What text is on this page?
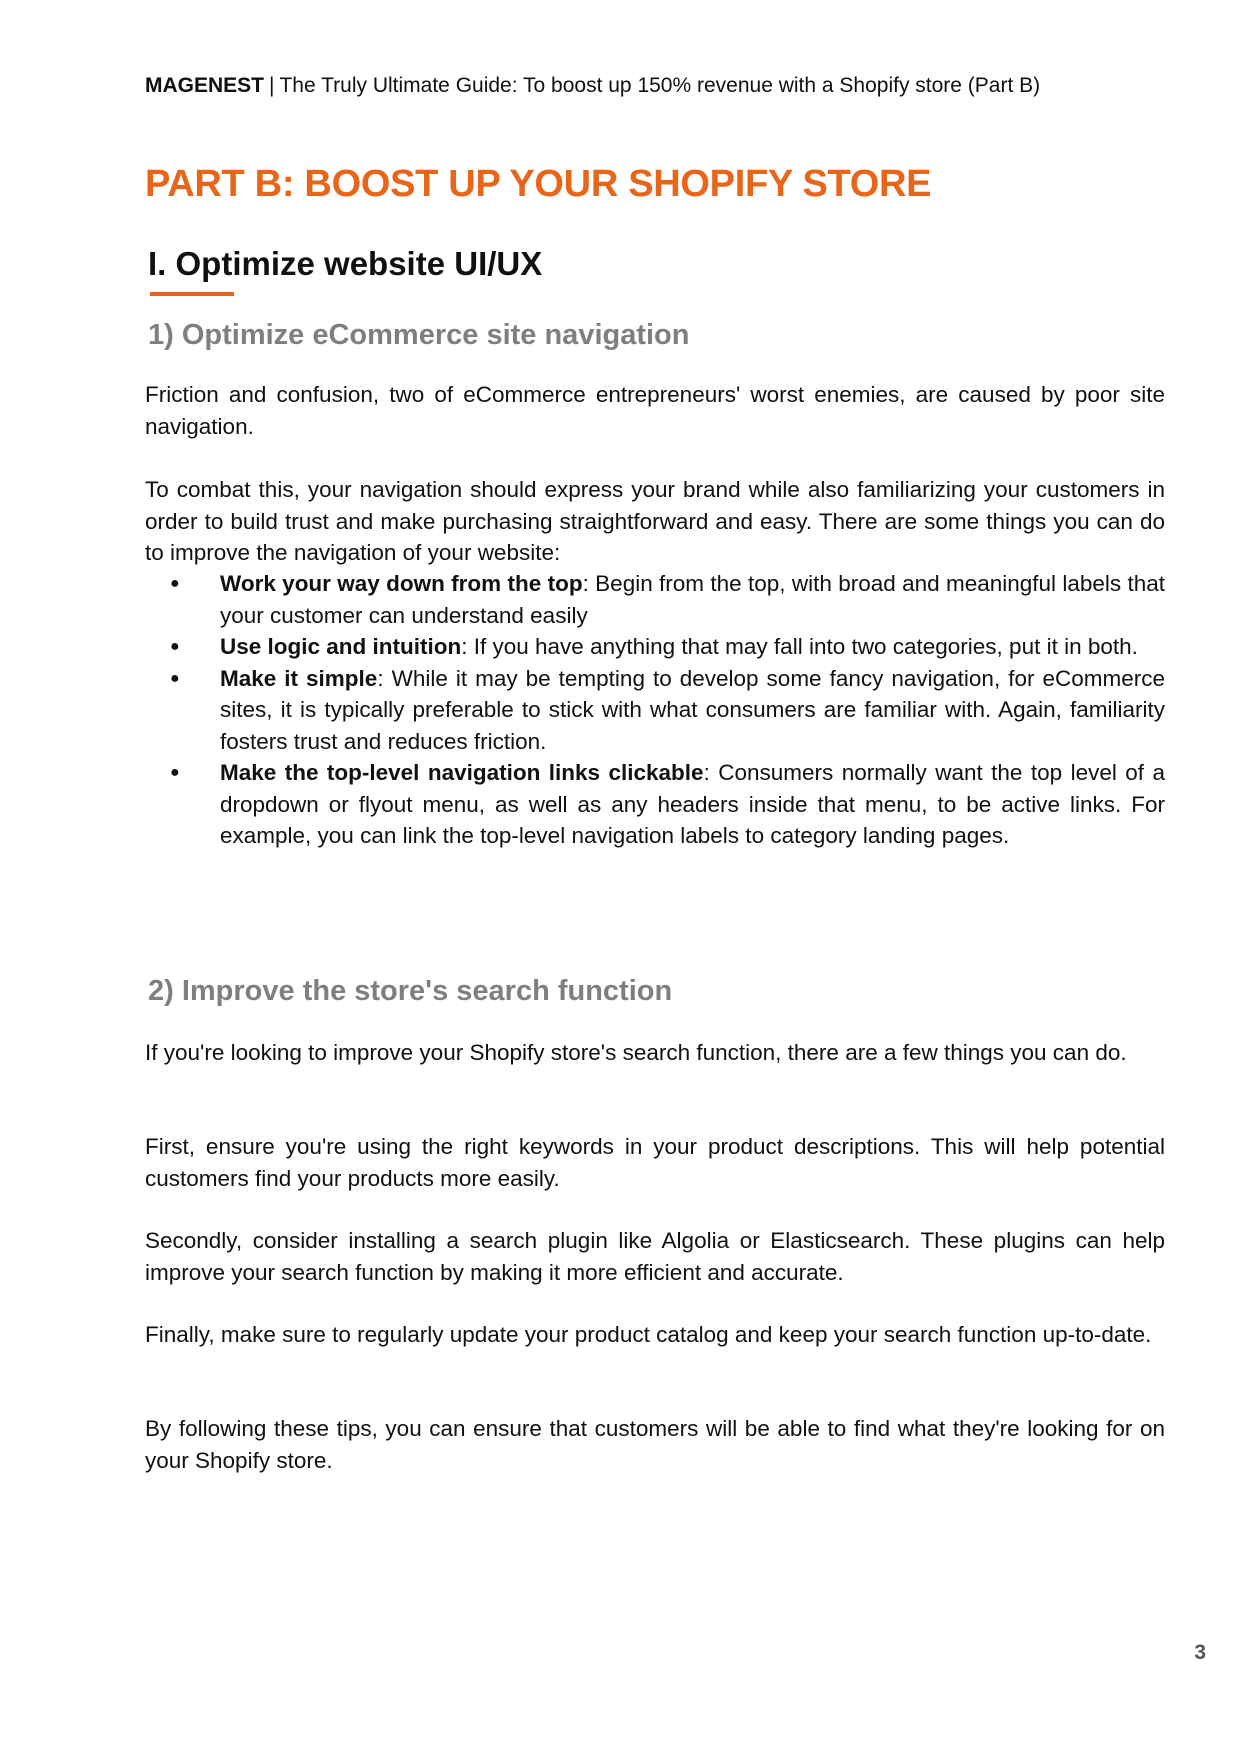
MAGENEST | The Truly Ultimate Guide: To boost up 150% revenue with a Shopify store (Part B)
PART B: BOOST UP YOUR SHOPIFY STORE
I. Optimize website UI/UX
1) Optimize eCommerce site navigation

Friction and confusion, two of eCommerce entrepreneurs' worst enemies, are caused by poor site navigation.

To combat this, your navigation should express your brand while also familiarizing your customers in order to build trust and make purchasing straightforward and easy. There are some things you can do to improve the navigation of your website:

● Work your way down from the top: Begin from the top, with broad and meaningful labels that your customer can understand easily
● Use logic and intuition: If you have anything that may fall into two categories, put it in both.
● Make it simple: While it may be tempting to develop some fancy navigation, for eCommerce sites, it is typically preferable to stick with what consumers are familiar with. Again, familiarity fosters trust and reduces friction.
● Make the top-level navigation links clickable: Consumers normally want the top level of a dropdown or flyout menu, as well as any headers inside that menu, to be active links. For example, you can link the top-level navigation labels to category landing pages.
2) Improve the store's search function

If you're looking to improve your Shopify store's search function, there are a few things you can do.

First, ensure you're using the right keywords in your product descriptions. This will help potential customers find your products more easily.

Secondly, consider installing a search plugin like Algolia or Elasticsearch. These plugins can help improve your search function by making it more efficient and accurate.

Finally, make sure to regularly update your product catalog and keep your search function up-to-date.

By following these tips, you can ensure that customers will be able to find what they're looking for on your Shopify store.

3
